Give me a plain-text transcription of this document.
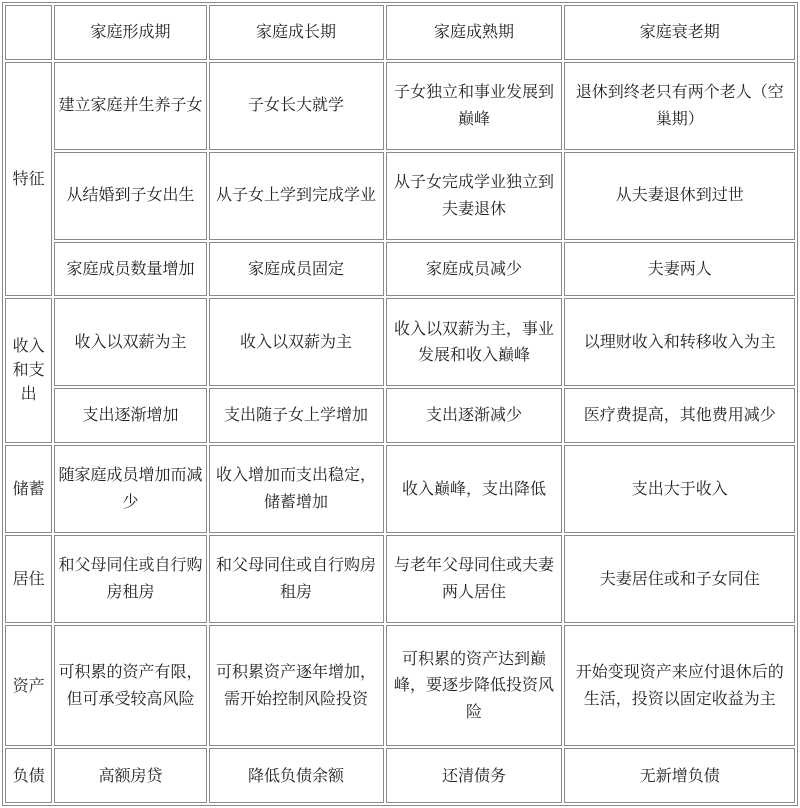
	家庭形成期	家庭成长期	家庭成熟期	家庭衰老期
特征	建立家庭并生养子女	子女长大就学	子女独立和事业发展到巅峰	退休到终老只有两个老人（空巢期）
	从结婚到子女出生	从子女上学到完成学业	从子女完成学业独立到夫妻退休	从夫妻退休到过世
	家庭成员数量增加	家庭成员固定	家庭成员减少	夫妻两人
收入和支出	收入以双薪为主	收入以双薪为主	收入以双薪为主，事业发展和收入巅峰	以理财收入和转移收入为主
	支出逐渐增加	支出随子女上学增加	支出逐渐减少	医疗费提高，其他费用减少
储蓄	随家庭成员增加而减少	收入增加而支出稳定，储蓄增加	收入巅峰，支出降低	支出大于收入
居住	和父母同住或自行购房租房	和父母同住或自行购房租房	与老年父母同住或夫妻两人居住	夫妻居住或和子女同住
资产	可积累的资产有限，但可承受较高风险	可积累资产逐年增加，需开始控制风险投资	可积累的资产达到巅峰，要逐步降低投资风险	开始变现资产来应付退休后的生活，投资以固定收益为主
负债	高额房贷	降低负债余额	还清债务	无新增负债
